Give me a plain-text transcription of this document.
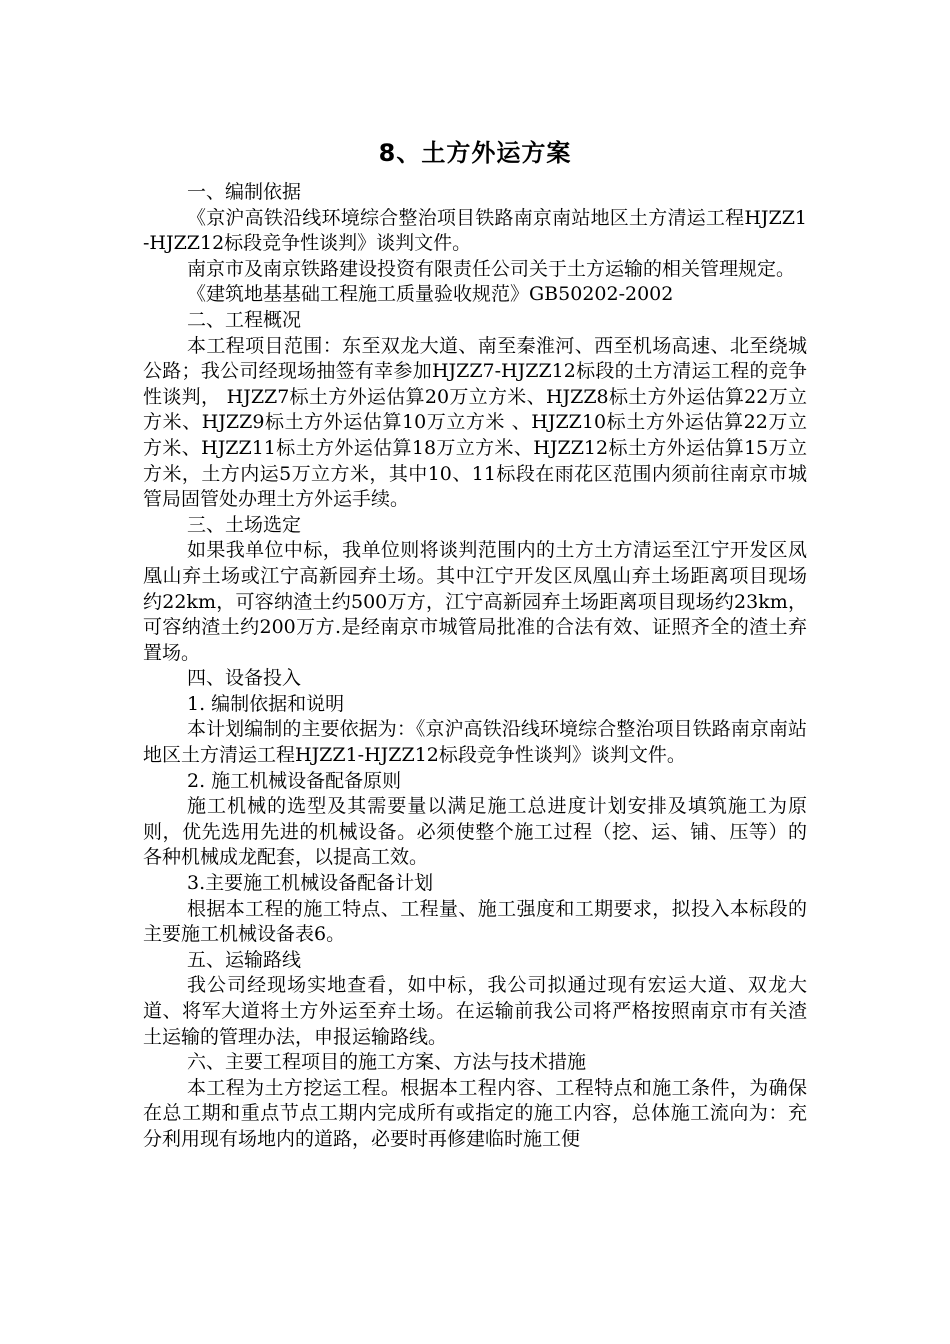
8、土方外运方案

一、编制依据

《京沪高铁沿线环境综合整治项目铁路南京南站地区土方清运工程HJZZ1-HJZZ12标段竞争性谈判》谈判文件。

南京市及南京铁路建设投资有限责任公司关于土方运输的相关管理规定。

《建筑地基基础工程施工质量验收规范》GB50202-2002

二、工程概况

本工程项目范围：东至双龙大道、南至秦淮河、西至机场高速、北至绕城公路；我公司经现场抽签有幸参加HJZZ7-HJZZ12标段的土方清运工程的竞争性谈判， HJZZ7标土方外运估算20万立方米、HJZZ8标土方外运估算22万立方米、HJZZ9标土方外运估算10万立方米 、HJZZ10标土方外运估算22万立方米、HJZZ11标土方外运估算18万立方米、HJZZ12标土方外运估算15万立方米，土方内运5万立方米，其中10、11标段在雨花区范围内须前往南京市城管局固管处办理土方外运手续。

三、土场选定

如果我单位中标，我单位则将谈判范围内的土方土方清运至江宁开发区凤凰山弃土场或江宁高新园弃土场。其中江宁开发区凤凰山弃土场距离项目现场约22km，可容纳渣土约500万方，江宁高新园弃土场距离项目现场约23km， 可容纳渣土约200万方.是经南京市城管局批准的合法有效、证照齐全的渣土弃置场。

四、设备投入

1. 编制依据和说明

本计划编制的主要依据为：《京沪高铁沿线环境综合整治项目铁路南京南站地区土方清运工程HJZZ1-HJZZ12标段竞争性谈判》谈判文件。

2. 施工机械设备配备原则

施工机械的选型及其需要量以满足施工总进度计划安排及填筑施工为原则，优先选用先进的机械设备。必须使整个施工过程（挖、运、铺、压等）的各种机械成龙配套，以提高工效。

3.主要施工机械设备配备计划

根据本工程的施工特点、工程量、施工强度和工期要求，拟投入本标段的主要施工机械设备表6。

五、运输路线

我公司经现场实地查看，如中标，我公司拟通过现有宏运大道、双龙大道、将军大道将土方外运至弃土场。在运输前我公司将严格按照南京市有关渣土运输的管理办法，申报运输路线。

六、主要工程项目的施工方案、方法与技术措施

本工程为土方挖运工程。根据本工程内容、工程特点和施工条件，为确保在总工期和重点节点工期内完成所有或指定的施工内容，总体施工流向为：充分利用现有场地内的道路，必要时再修建临时施工便
